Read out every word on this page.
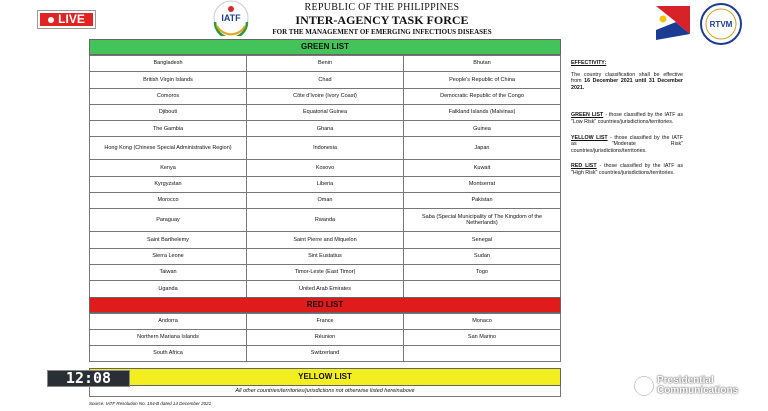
LIVE	IATF
REPUBLIC OF THE PHILIPPINES
INTER-AGENCY TASK FORCE
FOR THE MANAGEMENT OF EMERGING INFECTIOUS DISEASES
RTVM
GREEN LIST
Bangladesh	Benin	Bhutan
British Virgin Islands	Chad	People's Republic of China
Comoros	Côte d'Ivoire (Ivory Coast)	Democratic Republic of the Congo
Djibouti	Equatorial Guinea	Falkland Islands (Malvinas)
The Gambia	Ghana	Guinea
Hong Kong (Chinese Special Administrative Region)	Indonesia	Japan
Kenya	Kosovo	Kuwait
Kyrgyzstan	Liberia	Montserrat
Morocco	Oman	Pakistan
Paraguay	Rwanda	Saba (Special Municipality of The Kingdom of the Netherlands)
Saint Barthelemy	Saint Pierre and Miquelon	Senegal
Sierra Leone	Sint Eustatius	Sudan
Taiwan	Timor-Leste (East Timor)	Togo
Uganda	United Arab Emirates	
RED LIST
Andorra	France	Monaco
Northern Mariana Islands	Réunion	San Marino
South Africa	Switzerland	
YELLOW LIST
All other countries/territories/jurisdictions not otherwise listed hereinabove
Source: IATF Resolution No. 154-B dated 14 December 2021
EFFECTIVITY:
The country classification shall be effective from 16 December 2021 until 31 December 2021.
GREEN LIST - those classified by the IATF as "Low Risk" countries/jurisdictions/territories.
YELLOW LIST - those classified by the IATF as "Moderate Risk" countries/jurisdictions/territories.
RED LIST - those classified by the IATF as "High Risk" countries/jurisdictions/territories.
12:08	Presidential
Communications
